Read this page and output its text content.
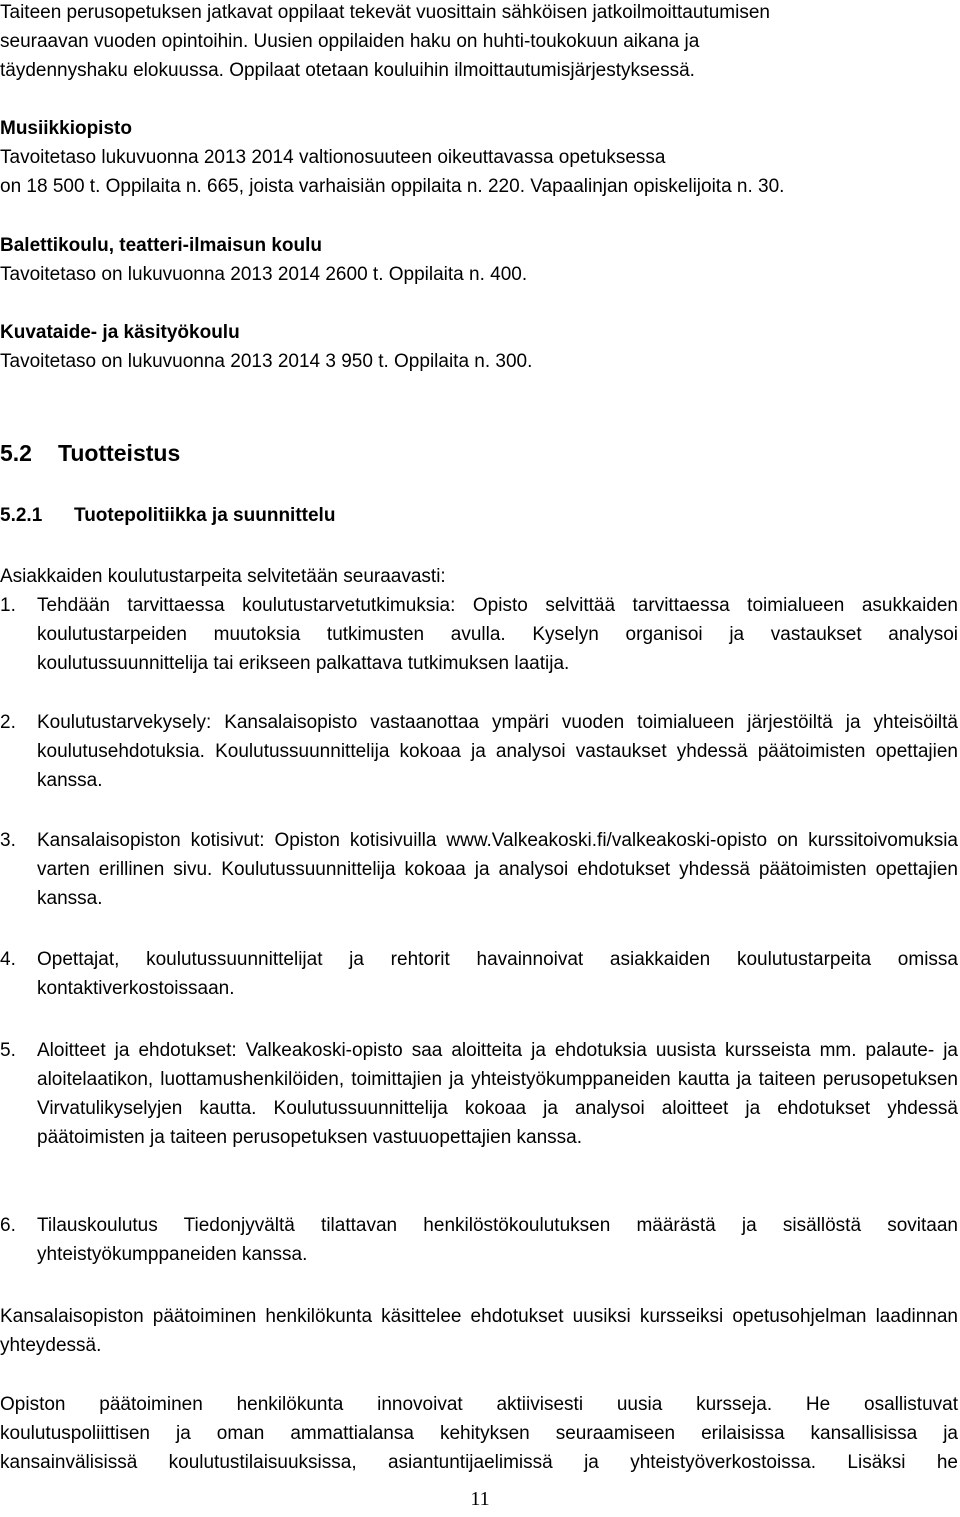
Taiteen perusopetuksen jatkavat oppilaat tekevät vuosittain sähköisen jatkoilmoittautumisen
seuraavan vuoden opintoihin. Uusien oppilaiden haku on huhti-toukokuun aikana ja
täydennyshaku elokuussa. Oppilaat otetaan kouluihin ilmoittautumisjärjestyksessä.
Musiikkiopisto
Tavoitetaso lukuvuonna 2013 2014 valtionosuuteen oikeuttavassa opetuksessa
on 18 500 t. Oppilaita n. 665, joista varhaisiän oppilaita n. 220. Vapaalinjan opiskelijoita n. 30.
Balettikoulu, teatteri-ilmaisun koulu
Tavoitetaso on lukuvuonna 2013 2014 2600 t. Oppilaita n. 400.
Kuvataide- ja käsityökoulu
Tavoitetaso on lukuvuonna 2013 2014 3 950 t. Oppilaita n. 300.
5.2 Tuotteistus
5.2.1 Tuotepolitiikka ja suunnittelu
Asiakkaiden koulutustarpeita selvitetään seuraavasti:
1. Tehdään tarvittaessa koulutustarvetutkimuksia: Opisto selvittää tarvittaessa toimialueen asukkaiden koulutustarpeiden muutoksia tutkimusten avulla. Kyselyn organisoi ja vastaukset analysoi koulutussuunnittelija tai erikseen palkattava tutkimuksen laatija.
2. Koulutustarvekysely: Kansalaisopisto vastaanottaa ympäri vuoden toimialueen järjestöiltä ja yhteisöiltä koulutusehdotuksia. Koulutussuunnittelija kokoaa ja analysoi vastaukset yhdessä päätoimisten opettajien kanssa.
3. Kansalaisopiston kotisivut: Opiston kotisivuilla www.Valkeakoski.fi/valkeakoski-opisto on kurssitoivomuksia varten erillinen sivu. Koulutussuunnittelija kokoaa ja analysoi ehdotukset yhdessä päätoimisten opettajien kanssa.
4. Opettajat, koulutussuunnittelijat ja rehtorit havainnoivat asiakkaiden koulutustarpeita omissa kontaktiverkostoissaan.
5. Aloitteet ja ehdotukset: Valkeakoski-opisto saa aloitteita ja ehdotuksia uusista kursseista mm. palaute- ja aloitelaatikon, luottamushenkilöiden, toimittajien ja yhteistyökumppaneiden kautta ja taiteen perusopetuksen Virvatulikyselyjen kautta. Koulutussuunnittelija kokoaa ja analysoi aloitteet ja ehdotukset yhdessä päätoimisten ja taiteen perusopetuksen vastuuopettajien kanssa.
6. Tilauskoulutus Tiedonjyvältä tilattavan henkilöstökoulutuksen määrästä ja sisällöstä sovitaan yhteistyökumppaneiden kanssa.
Kansalaisopiston päätoiminen henkilökunta käsittelee ehdotukset uusiksi kursseiksi opetusohjelman laadinnan yhteydessä.
Opiston päätoiminen henkilökunta innovoivat aktiivisesti uusia kursseja. He osallistuvat
koulutuspoliittisen ja oman ammattialansa kehityksen seuraamiseen erilaisissa kansallisissa ja
kansainvälisissä koulutustilaisuuksissa, asiantuntijaelimissä ja yhteistyöverkostoissa. Lisäksi he
11
